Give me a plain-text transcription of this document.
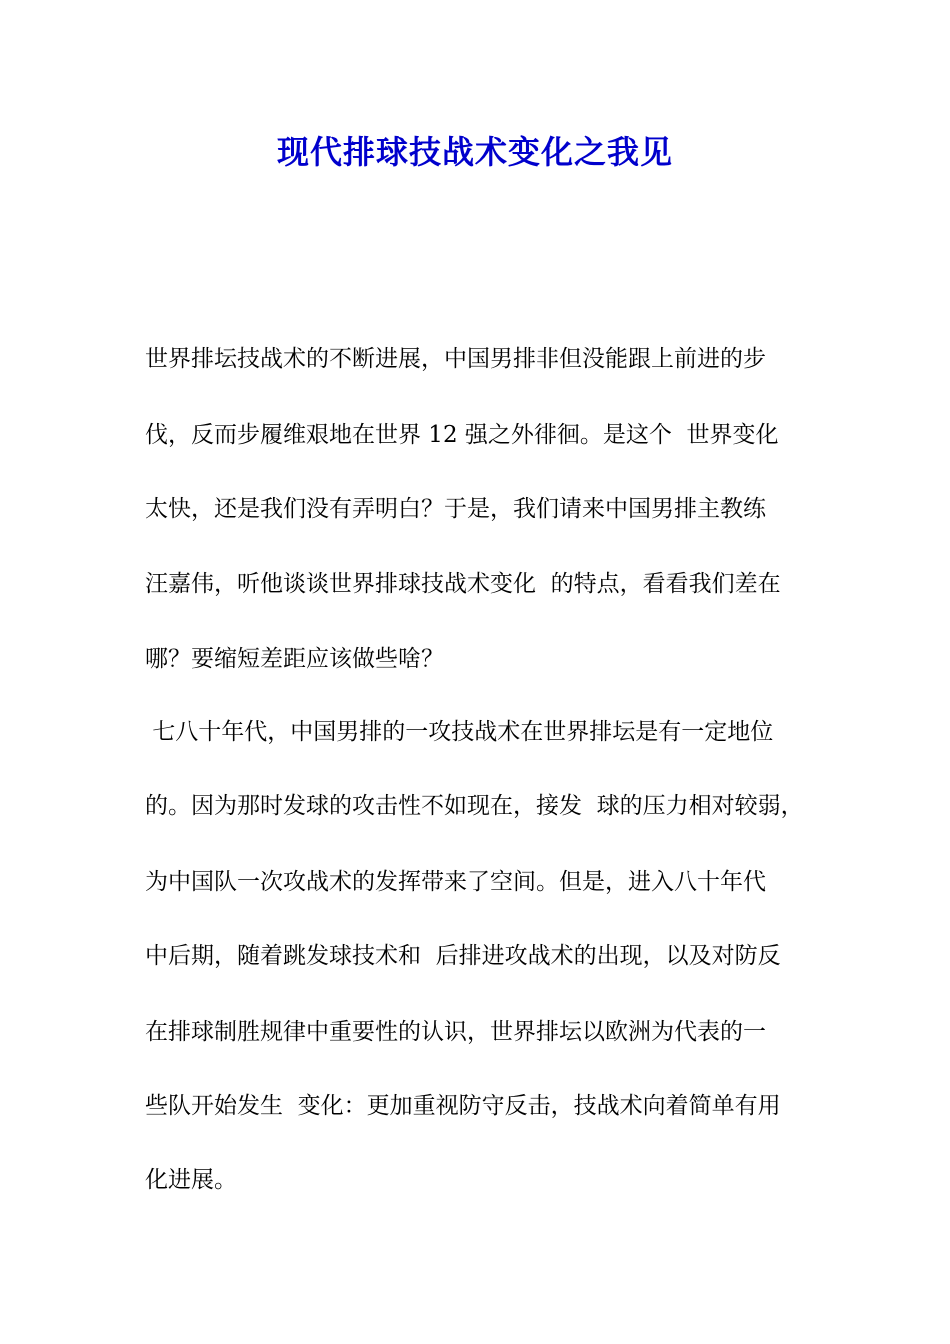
现代排球技战术变化之我见
世界排坛技战术的不断进展，中国男排非但没能跟上前进的步
伐，反而步履维艰地在世界 12 强之外徘徊。是这个  世界变化
太快，还是我们没有弄明白？于是，我们请来中国男排主教练
汪嘉伟，听他谈谈世界排球技战术变化  的特点，看看我们差在
哪？要缩短差距应该做些啥？
七八十年代，中国男排的一攻技战术在世界排坛是有一定地位
的。因为那时发球的攻击性不如现在，接发  球的压力相对较弱，
为中国队一次攻战术的发挥带来了空间。但是，进入八十年代
中后期，随着跳发球技术和  后排进攻战术的出现，以及对防反
在排球制胜规律中重要性的认识，世界排坛以欧洲为代表的一
些队开始发生  变化：更加重视防守反击，技战术向着简单有用
化进展。
